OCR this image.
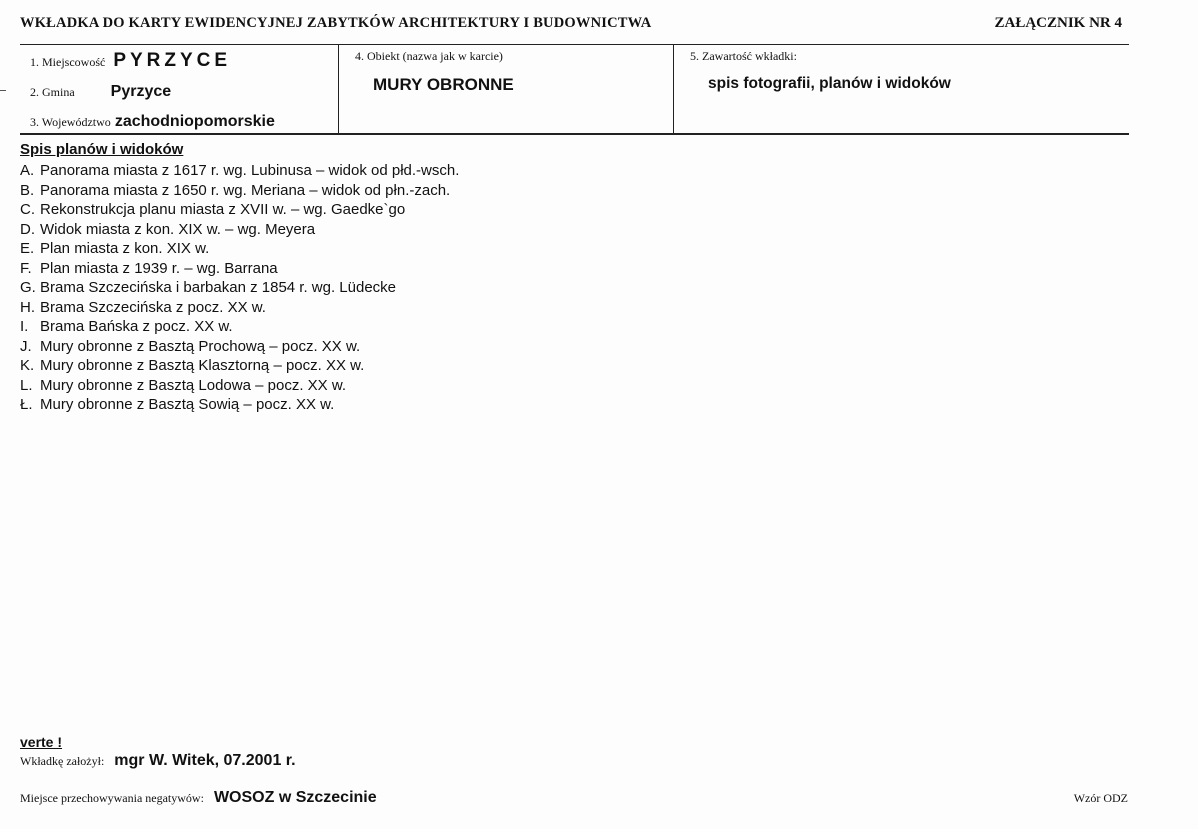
WKŁADKA DO KARTY EWIDENCYJNEJ ZABYTKÓW ARCHITEKTURY I BUDOWNICTWA	ZAŁĄCZNIK NR 4
1. Miejscowość PYRZYCE
2. Gmina Pyrzyce
3. Województwo zachodniopomorskie
4. Obiekt (nazwa jak w karcie)
MURY OBRONNE
5. Zawartość wkładki:
spis fotografii, planów i widoków
Spis planów i widoków
A. Panorama miasta z 1617 r. wg. Lubinusa – widok od płd.-wsch.
B. Panorama miasta z 1650 r. wg. Meriana – widok od płn.-zach.
C. Rekonstrukcja planu miasta z XVII w. – wg. Gaedke`go
D. Widok miasta z kon. XIX w. – wg. Meyera
E. Plan miasta z kon. XIX w.
F. Plan miasta z 1939 r. – wg. Barrana
G. Brama Szczecińska i barbakan z 1854 r. wg. Lüdecke
H. Brama Szczecińska z pocz. XX w.
I. Brama Bańska z pocz. XX w.
J. Mury obronne z Basztą Prochową – pocz. XX w.
K. Mury obronne z Basztą Klasztorną – pocz. XX w.
L. Mury obronne z Basztą Lodowa – pocz. XX w.
Ł. Mury obronne z Basztą Sowią – pocz. XX w.
verte !
Wkładkę założył: mgr W. Witek, 07.2001 r.
Miejsce przechowywania negatywów: WOSOZ w Szczecinie	Wzór ODZ
